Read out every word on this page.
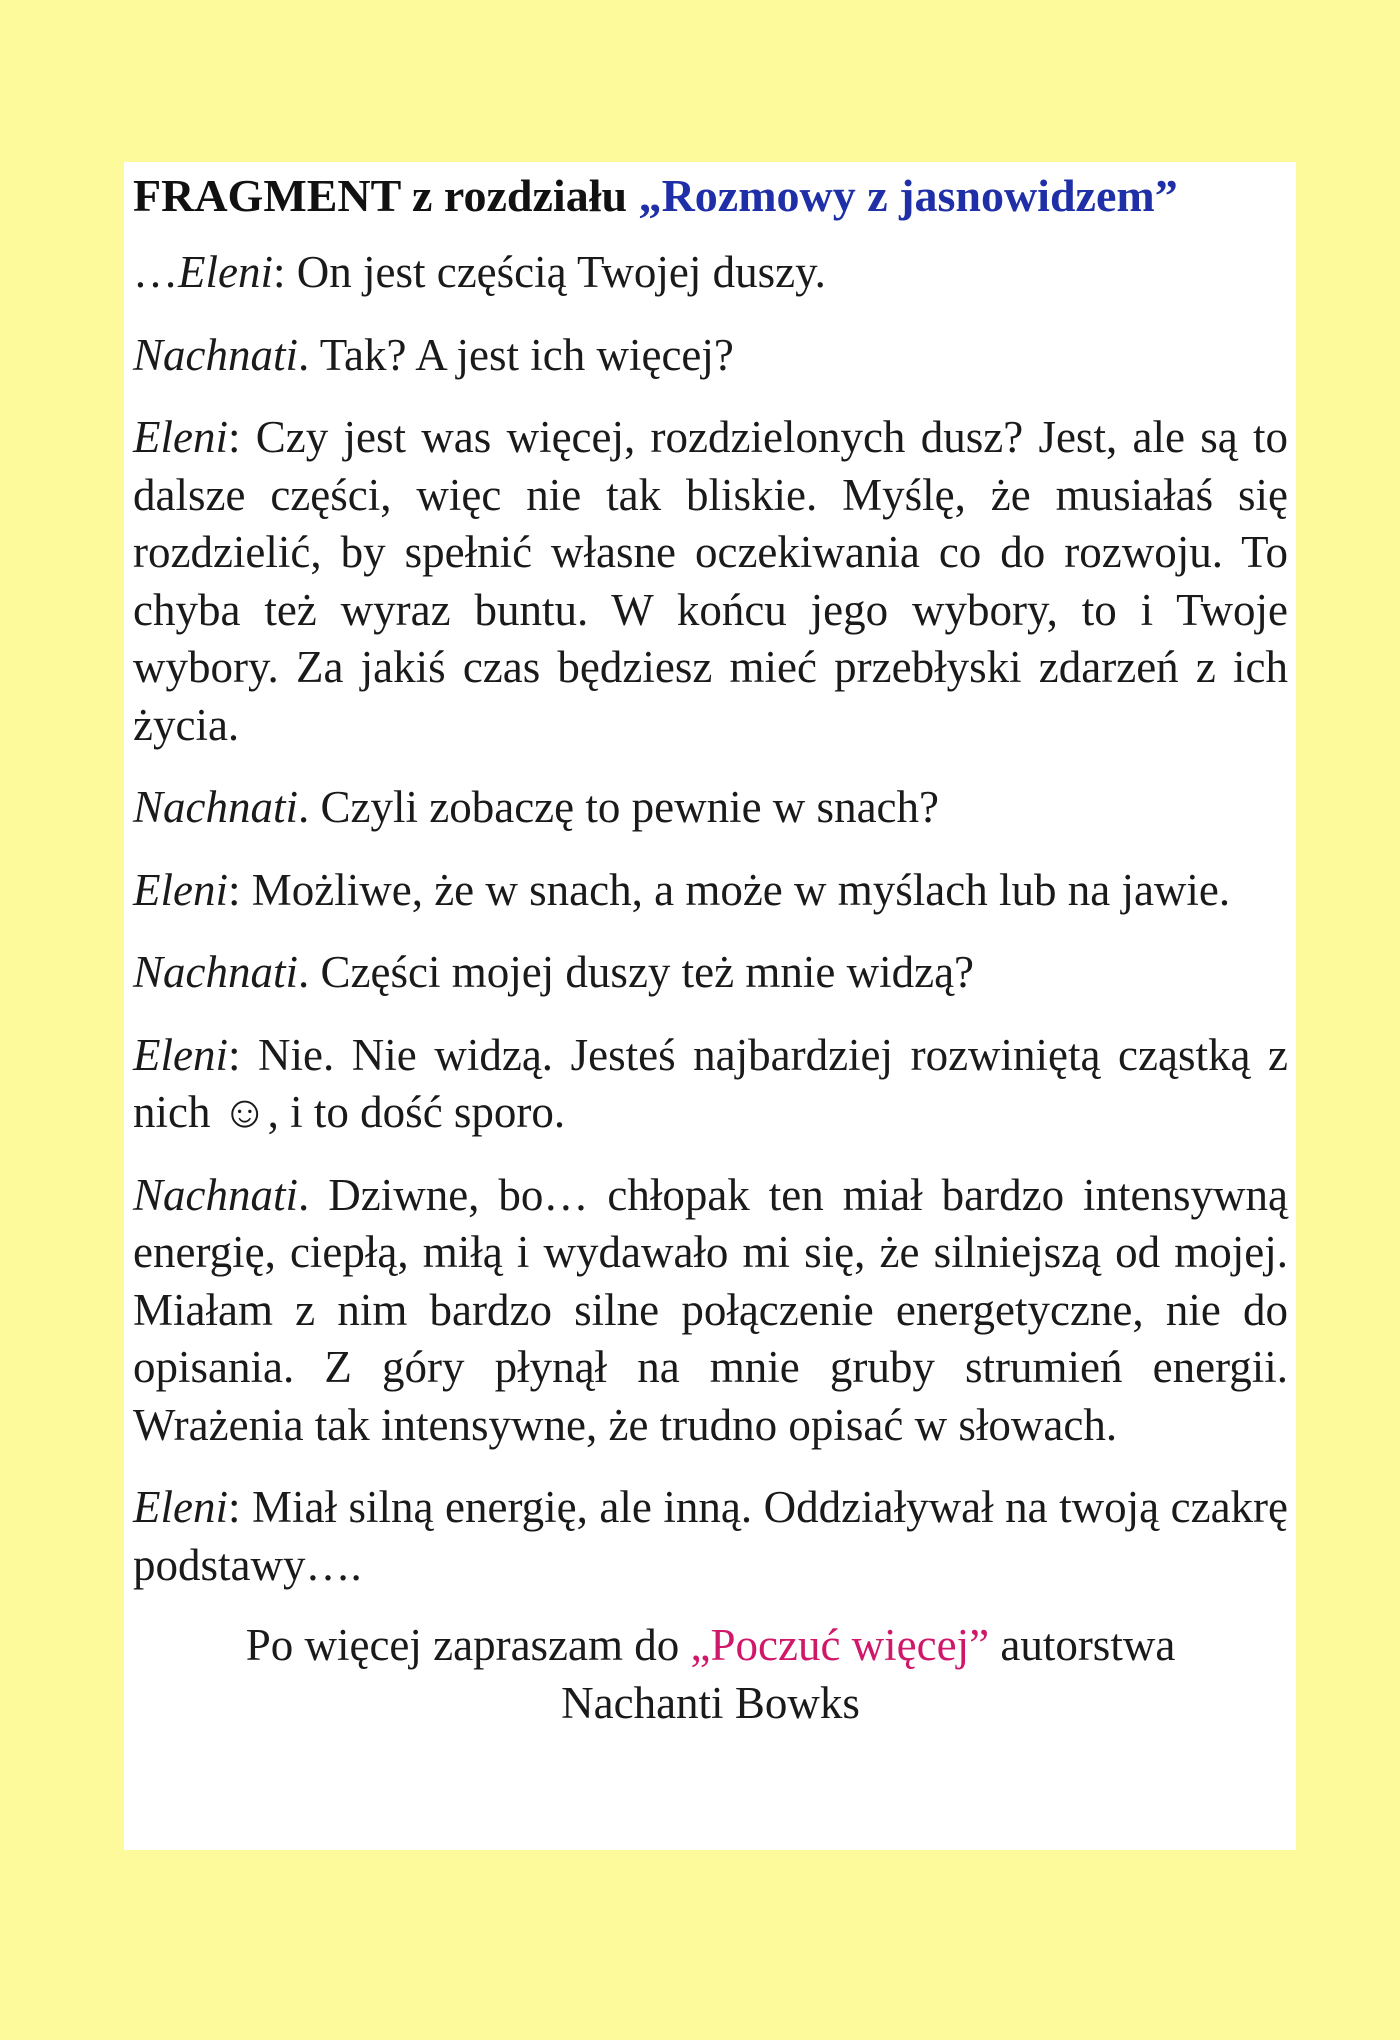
FRAGMENT z rozdziału „Rozmowy z jasnowidzem”

…Eleni: On jest częścią Twojej duszy.

Nachnati. Tak? A jest ich więcej?

Eleni: Czy jest was więcej, rozdzielonych dusz? Jest, ale są to dalsze części, więc nie tak bliskie. Myślę, że musiałaś się rozdzielić, by spełnić własne oczekiwania co do rozwoju. To chyba też wyraz buntu. W końcu jego wybory, to i Twoje wybory. Za jakiś czas będziesz mieć przebłyski zdarzeń z ich życia.

Nachnati. Czyli zobaczę to pewnie w snach?

Eleni: Możliwe, że w snach, a może w myślach lub na jawie.

Nachnati. Części mojej duszy też mnie widzą?

Eleni: Nie. Nie widzą. Jesteś najbardziej rozwiniętą cząstką z nich ☺, i to dość sporo.

Nachnati. Dziwne, bo… chłopak ten miał bardzo intensywną energię, ciepłą, miłą i wydawało mi się, że silniejszą od mojej. Miałam z nim bardzo silne połączenie energetyczne, nie do opisania. Z góry płynął na mnie gruby strumień energii. Wrażenia tak intensywne, że trudno opisać w słowach.

Eleni: Miał silną energię, ale inną. Oddziaływał na twoją czakrę podstawy….

Po więcej zapraszam do „Poczuć więcej” autorstwa
Nachanti Bowks
